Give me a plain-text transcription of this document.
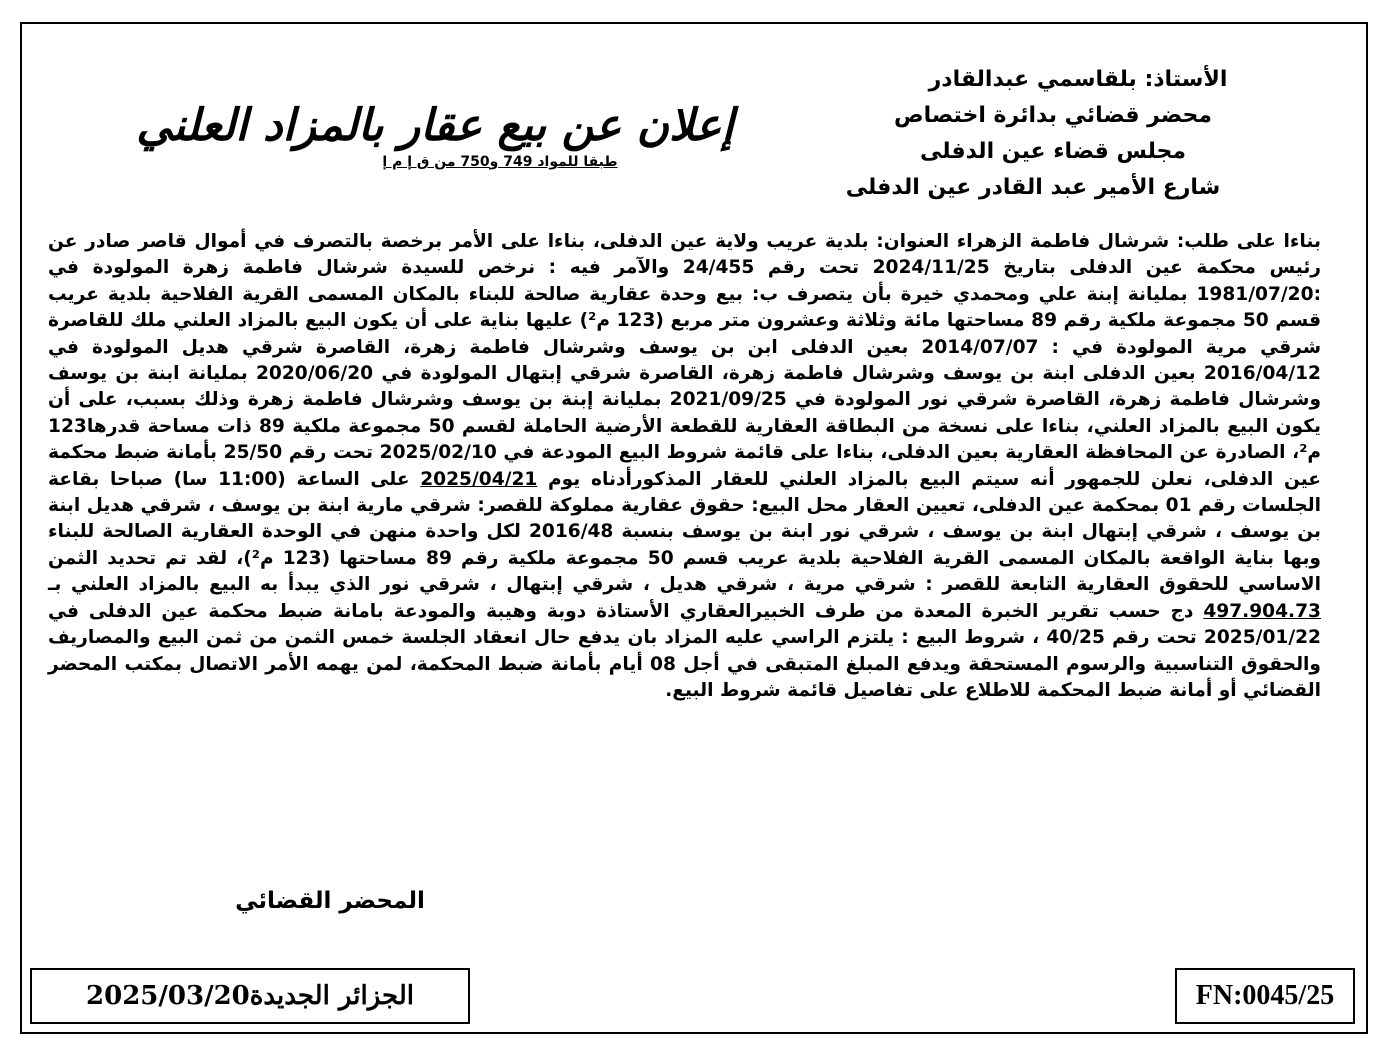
الأستاذ: بلقاسمي عبدالقادر
محضر قضائي بدائرة اختصاص
مجلس قضاء عين الدفلى
شارع الأمير عبد القادر عين الدفلى
إعلان عن بيع عقار بالمزاد العلني
طبقا للمواد 749 و750 من ق إ م إ

بناءا على طلب: شرشال فاطمة الزهراء العنوان: بلدية عريب ولاية عين الدفلى، بناءا على الأمر برخصة بالتصرف في أموال قاصر صادر عن رئيس محكمة عين الدفلى بتاريخ 2024/11/25 تحت رقم 24/455 والآمر فيه : نرخص للسيدة شرشال فاطمة زهرة المولودة في :1981/07/20 بمليانة إبنة علي ومحمدي خيرة بأن يتصرف ب: بيع وحدة عقارية صالحة للبناء بالمكان المسمى القرية الفلاحية بلدية عريب قسم 50 مجموعة ملكية رقم 89 مساحتها مائة وثلاثة وعشرون متر مربع (123 م²) عليها بناية على أن يكون البيع بالمزاد العلني ملك للقاصرة شرقي مرية المولودة في : 2014/07/07 بعين الدفلى ابن بن يوسف وشرشال فاطمة زهرة، القاصرة شرقي هديل المولودة في 2016/04/12 بعين الدفلى ابنة بن يوسف وشرشال فاطمة زهرة، القاصرة شرقي إبتهال المولودة في 2020/06/20 بمليانة ابنة بن يوسف وشرشال فاطمة زهرة، القاصرة شرقي نور المولودة في 2021/09/25 بمليانة إبنة بن يوسف وشرشال فاطمة زهرة وذلك بسبب، على أن يكون البيع بالمزاد العلني، بناءا على نسخة من البطاقة العقارية للقطعة الأرضية الحاملة لقسم 50 مجموعة ملكية 89 ذات مساحة قدرها123 م²، الصادرة عن المحافظة العقارية بعين الدفلى، بناءا على قائمة شروط البيع المودعة في 2025/02/10 تحت رقم 25/50 بأمانة ضبط محكمة عين الدفلى، نعلن للجمهور أنه سيتم البيع بالمزاد العلني للعقار المذكورأدناه يوم 2025/04/21 على الساعة (11:00 سا) صباحا بقاعة الجلسات رقم 01 بمحكمة عين الدفلى، تعيين العقار محل البيع: حقوق عقارية مملوكة للقصر: شرقي مارية ابنة بن يوسف ، شرقي هديل ابنة بن يوسف ، شرقي إبتهال ابنة بن يوسف ، شرقي نور ابنة بن يوسف بنسبة 2016/48 لكل واحدة منهن في الوحدة العقارية الصالحة للبناء وبها بناية الواقعة بالمكان المسمى القرية الفلاحية بلدية عريب قسم 50 مجموعة ملكية رقم 89 مساحتها (123 م²)، لقد تم تحديد الثمن الاساسي للحقوق العقارية التابعة للقصر : شرقي مرية ، شرقي هديل ، شرقي إبتهال ، شرقي نور الذي يبدأ به البيع بالمزاد العلني بـ 497.904.73 دج حسب تقرير الخبرة المعدة من طرف الخبيرالعقاري الأستاذة دوبة وهيبة والمودعة بامانة ضبط محكمة عين الدفلى في 2025/01/22 تحت رقم 40/25 ، شروط البيع : يلتزم الراسي عليه المزاد بان يدفع حال انعقاد الجلسة خمس الثمن من ثمن البيع والمصاريف والحقوق التناسبية والرسوم المستحقة ويدفع المبلغ المتبقى في أجل 08 أيام بأمانة ضبط المحكمة، لمن يهمه الأمر الاتصال بمكتب المحضر القضائي أو أمانة ضبط المحكمة للاطلاع على تفاصيل قائمة شروط البيع.

المحضر القضائي
الجزائر الجديدة
2025/03/20	FN:0045/25
